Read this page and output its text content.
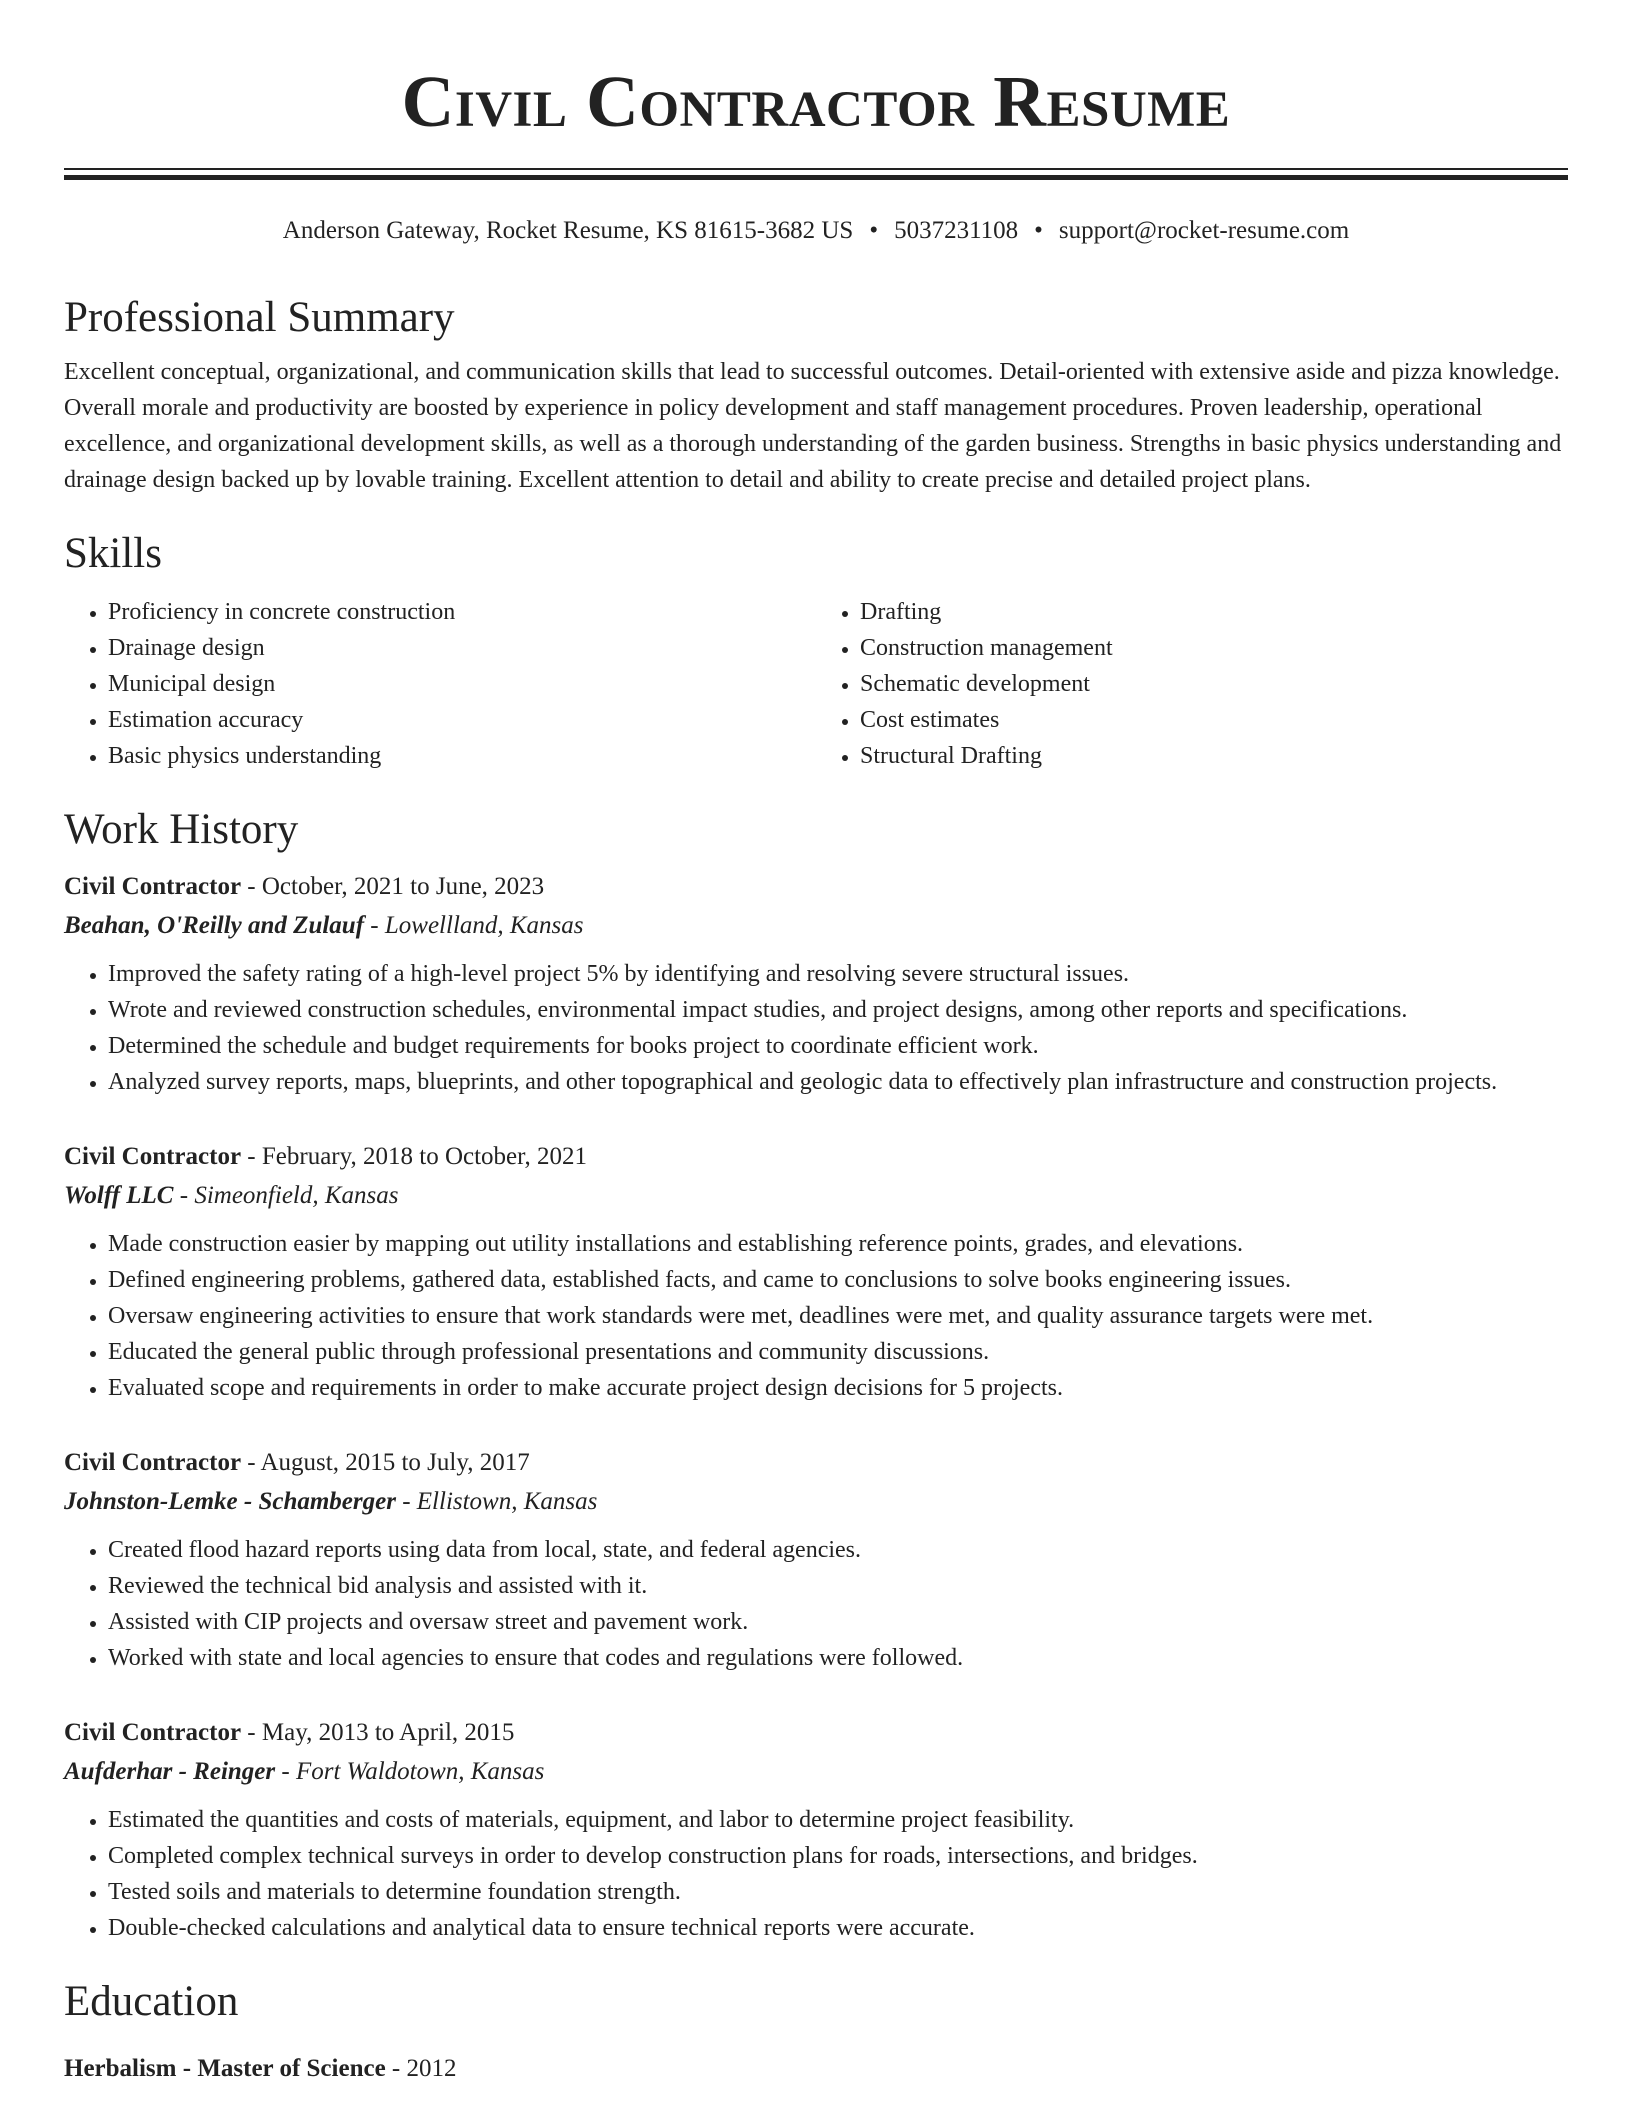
Civil Contractor Resume
Anderson Gateway, Rocket Resume, KS 81615-3682 US • 5037231108 • support@rocket-resume.com
Professional Summary

Excellent conceptual, organizational, and communication skills that lead to successful outcomes. Detail-oriented with extensive aside and pizza knowledge. Overall morale and productivity are boosted by experience in policy development and staff management procedures. Proven leadership, operational excellence, and organizational development skills, as well as a thorough understanding of the garden business. Strengths in basic physics understanding and drainage design backed up by lovable training. Excellent attention to detail and ability to create precise and detailed project plans.

Skills
• Proficiency in concrete construction
• Drainage design
• Municipal design
• Estimation accuracy
• Basic physics understanding
• Drafting
• Construction management
• Schematic development
• Cost estimates
• Structural Drafting
Work History
Civil Contractor - October, 2021 to June, 2023
Beahan, O'Reilly and Zulauf - Lowellland, Kansas
• Improved the safety rating of a high-level project 5% by identifying and resolving severe structural issues.
• Wrote and reviewed construction schedules, environmental impact studies, and project designs, among other reports and specifications.
• Determined the schedule and budget requirements for books project to coordinate efficient work.
• Analyzed survey reports, maps, blueprints, and other topographical and geologic data to effectively plan infrastructure and construction projects.
Civil Contractor - February, 2018 to October, 2021
Wolff LLC - Simeonfield, Kansas
• Made construction easier by mapping out utility installations and establishing reference points, grades, and elevations.
• Defined engineering problems, gathered data, established facts, and came to conclusions to solve books engineering issues.
• Oversaw engineering activities to ensure that work standards were met, deadlines were met, and quality assurance targets were met.
• Educated the general public through professional presentations and community discussions.
• Evaluated scope and requirements in order to make accurate project design decisions for 5 projects.
Civil Contractor - August, 2015 to July, 2017
Johnston-Lemke - Schamberger - Ellistown, Kansas
• Created flood hazard reports using data from local, state, and federal agencies.
• Reviewed the technical bid analysis and assisted with it.
• Assisted with CIP projects and oversaw street and pavement work.
• Worked with state and local agencies to ensure that codes and regulations were followed.
Civil Contractor - May, 2013 to April, 2015
Aufderhar - Reinger - Fort Waldotown, Kansas
• Estimated the quantities and costs of materials, equipment, and labor to determine project feasibility.
• Completed complex technical surveys in order to develop construction plans for roads, intersections, and bridges.
• Tested soils and materials to determine foundation strength.
• Double-checked calculations and analytical data to ensure technical reports were accurate.
Education
Herbalism - Master of Science - 2012
